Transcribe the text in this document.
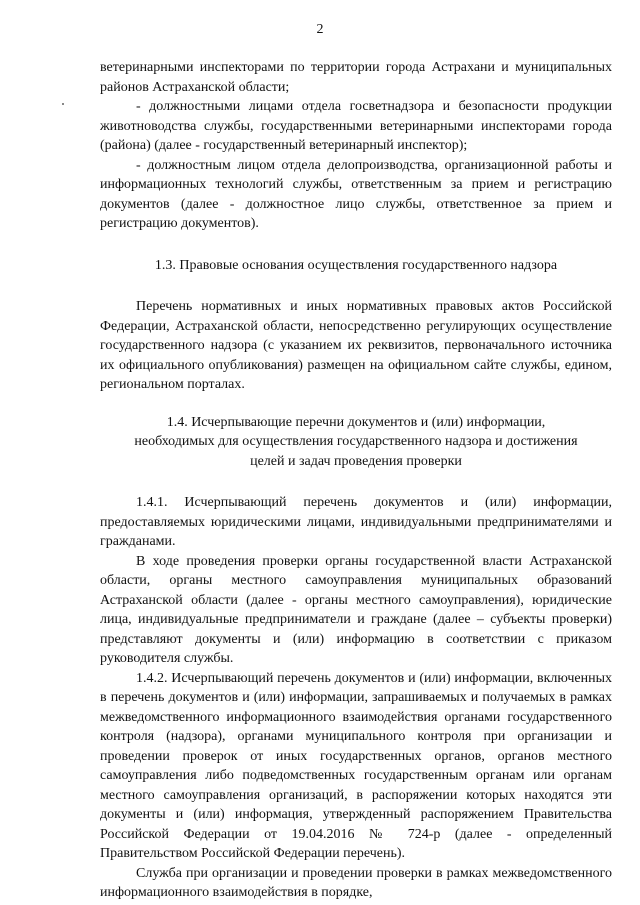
2

ветеринарными инспекторами по территории города Астрахани и муниципальных районов Астраханской области;

- должностными лицами отдела госветнадзора и безопасности продукции животноводства службы, государственными ветеринарными инспекторами города (района) (далее - государственный ветеринарный инспектор);

- должностным лицом отдела делопроизводства, организационной работы и информационных технологий службы, ответственным за прием и регистрацию документов (далее - должностное лицо службы, ответственное за прием и регистрацию документов).

1.3. Правовые основания осуществления государственного надзора

Перечень нормативных и иных нормативных правовых актов Российской Федерации, Астраханской области, непосредственно регулирующих осуществление государственного надзора (с указанием их реквизитов, первоначального источника их официального опубликования) размещен на официальном сайте службы, едином, региональном порталах.

1.4. Исчерпывающие перечни документов и (или) информации,

необходимых для осуществления государственного надзора и достижения

целей и задач проведения проверки

1.4.1. Исчерпывающий перечень документов и (или) информации, предоставляемых юридическими лицами, индивидуальными предпринимателями и гражданами.

В ходе проведения проверки органы государственной власти Астраханской области, органы местного самоуправления муниципальных образований Астраханской области (далее - органы местного самоуправления), юридические лица, индивидуальные предприниматели и граждане (далее – субъекты проверки) представляют документы и (или) информацию в соответствии с приказом руководителя службы.

1.4.2. Исчерпывающий перечень документов и (или) информации, включенных в перечень документов и (или) информации, запрашиваемых и получаемых в рамках межведомственного информационного взаимодействия органами государственного контроля (надзора), органами муниципального контроля при организации и проведении проверок от иных государственных органов, органов местного самоуправления либо подведомственных государственным органам или органам местного самоуправления организаций, в распоряжении которых находятся эти документы и (или) информация, утвержденный распоряжением Правительства Российской Федерации от 19.04.2016 № 724-р (далее - определенный Правительством Российской Федерации перечень).

Служба при организации и проведении проверки в рамках межведомственного информационного взаимодействия в порядке,
